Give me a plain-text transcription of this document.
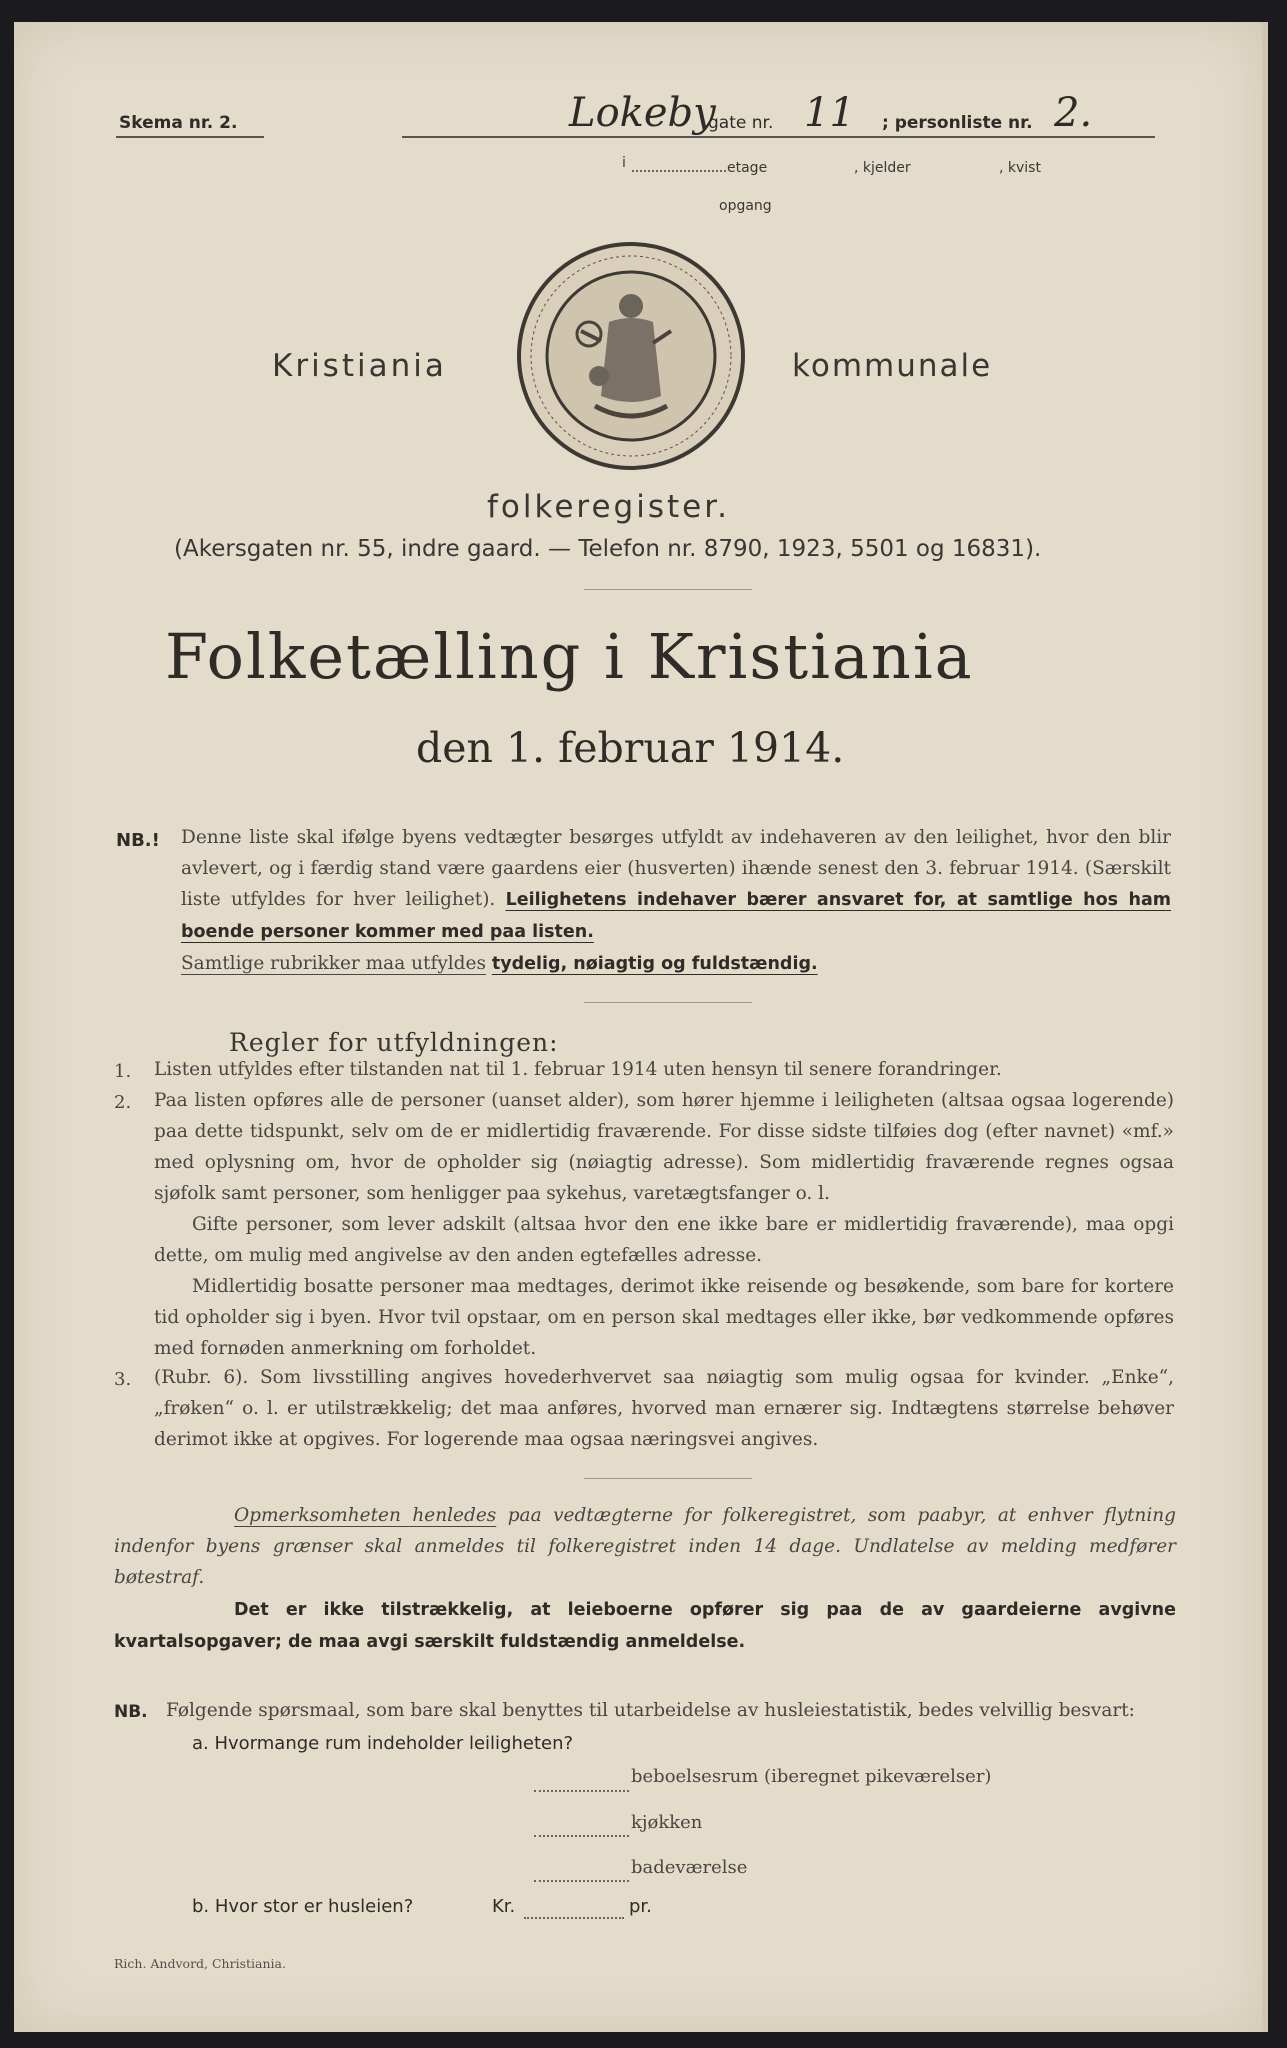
Skema nr. 2.	Lokeby
gate nr. 11 ; personliste nr. 2.
i	etage	, kjelder	, kvist
opgang
Kristiania	kommunale
folkeregister.
(Akersgaten nr. 55, indre gaard. — Telefon nr. 8790, 1923, 5501 og 16831).
Folketælling i Kristiania
den 1. februar 1914.
NB.! Denne liste skal ifølge byens vedtægter besørges utfyldt av indehaveren av den leilighet, hvor den blir avlevert, og i færdig stand være gaardens eier (husverten) ihænde senest den 3. februar 1914. (Særskilt liste utfyldes for hver leilighet). Leilighetens indehaver bærer ansvaret for, at samtlige hos ham boende personer kommer med paa listen.
Samtlige rubrikker maa utfyldes tydelig, nøiagtig og fuldstændig.
Regler for utfyldningen:
1. Listen utfyldes efter tilstanden nat til 1. februar 1914 uten hensyn til senere forandringer.
2. Paa listen opføres alle de personer (uanset alder), som hører hjemme i leiligheten (altsaa ogsaa logerende) paa dette tidspunkt, selv om de er midlertidig fraværende. For disse sidste tilføies dog (efter navnet) «mf.» med oplysning om, hvor de opholder sig (nøiagtig adresse). Som midlertidig fraværende regnes ogsaa sjøfolk samt personer, som henligger paa sykehus, varetægtsfanger o. l.
Gifte personer, som lever adskilt (altsaa hvor den ene ikke bare er midlertidig fraværende), maa opgi dette, om mulig med angivelse av den anden egtefælles adresse.
Midlertidig bosatte personer maa medtages, derimot ikke reisende og besøkende, som bare for kortere tid opholder sig i byen. Hvor tvil opstaar, om en person skal medtages eller ikke, bør vedkommende opføres med fornøden anmerkning om forholdet.
3. (Rubr. 6). Som livsstilling angives hovederhvervet saa nøiagtig som mulig ogsaa for kvinder. „Enke“, „frøken“ o. l. er utilstrækkelig; det maa anføres, hvorved man ernærer sig. Indtægtens størrelse behøver derimot ikke at opgives. For logerende maa ogsaa næringsvei angives.
Opmerksomheten henledes paa vedtægterne for folkeregistret, som paabyr, at enhver flytning indenfor byens grænser skal anmeldes til folkeregistret inden 14 dage. Undlatelse av melding medfører bøtestraf.
Det er ikke tilstrækkelig, at leieboerne opfører sig paa de av gaardeierne avgivne kvartalsopgaver; de maa avgi særskilt fuldstændig anmeldelse.
NB. Følgende spørsmaal, som bare skal benyttes til utarbeidelse av husleiestatistik, bedes velvillig besvart:
a. Hvormange rum indeholder leiligheten?
beboelsesrum (iberegnet pikeværelser)
kjøkken
badeværelse
b. Hvor stor er husleien?	Kr.	pr.
Rich. Andvord, Christiania.
